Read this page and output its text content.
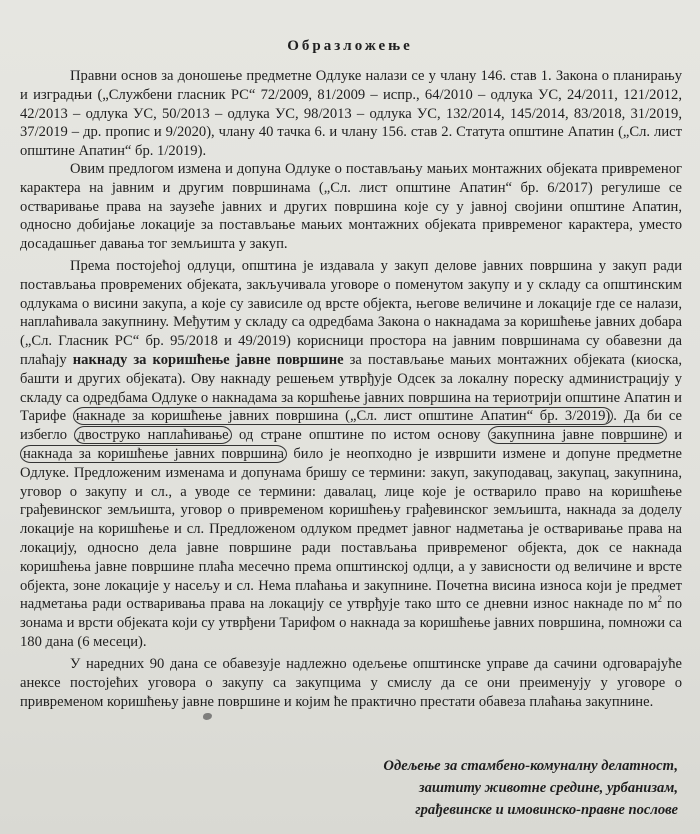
Образложење
Правни основ за доношење предметне Одлуке налази се у члану 146. став 1. Закона о планирању и изградњи („Службени гласник РС“ 72/2009, 81/2009 – испр., 64/2010 – одлука УС, 24/2011, 121/2012, 42/2013 – одлука УС, 50/2013 – одлука УС, 98/2013 – одлука УС, 132/2014, 145/2014, 83/2018, 31/2019, 37/2019 – др. пропис и 9/2020), члану 40 тачка 6. и члану 156. став 2. Статута општине Апатин („Сл. лист општине Апатин“ бр. 1/2019).
Овим предлогом измена и допуна Одлуке о постављању мањих монтажних објеката привременог карактера на јавним и другим површинама („Сл. лист општине Апатин“ бр. 6/2017) регулише се остваривање права на заузеће јавних и других површина које су у јавној својини општине Апатин, односно добијање локације за постављање мањих монтажних објеката привременог карактера, уместо досадашњег давања тог земљишта у закуп.
Према постојећој одлуци, општина је издавала у закуп делове јавних површина у закуп ради постављања провремених објеката, закључивала уговоре о поменутом закупу и у складу са општинским одлукама о висини закупа, а које су зависиле од врсте објекта, његове величине и локације где се налази, наплаћивала закупнину. Међутим у складу са одредбама Закона о накнадама за коришћење јавних добара („Сл. Гласник РС“ бр. 95/2018 и 49/2019) корисници простора на јавним површинама су обавезни да плаћају накнаду за коришћење јавне површине за постављање мањих монтажних објеката (киоска, башти и других објеката). Ову накнаду решењем утврђује Одсек за локалну пореску администрацију у складу са одредбама Одлуке о накнадама за коршћење јавних површина на териотрији општине Апатин и Тарифе накнаде за коришћење јавних површина („Сл. лист општине Апатин“ бр. 3/2019) . Да би се избегло двоструко наплаћивање од стране општине по истом основу закупнина јавне површине и накнада за коришћење јавних површина било је неопходно је извршити измене и допуне предметне Одлуке. Предложеним изменама и допунама бришу се термини: закуп, закуподавац, закупац, закупнина, уговор о закупу и сл., а уводе се термини: давалац, лице које је остварило право на коришћење грађевинског земљишта, уговор о привременом коришћењу грађевинског земљишта, накнада за доделу локације на коришћење и сл. Предложеном одлуком предмет јавног надметања је остваривање права на локацију, односно дела јавне површине ради постављања привременог објекта, док се накнада коришћења јавне површине плаћа месечно према општинској одлци, а у зависности од величине и врсте објекта, зоне локације у насељу и сл. Нема плаћања и закупнине. Почетна висина износа који је предмет надметања ради остваривања права на локацију се утврђује тако што се дневни износ накнаде по $м^2$ по зонама и врсти објеката који су утврђени Тарифом о накнада за коришћење јавних површина, помножи са 180 дана (6 месеци).
У наредних 90 дана се обавезује надлежно одељење општинске управе да сачини одговарајуће анексе постојећих уговора о закупу са закупцима у смислу да се они преименују у уговоре о привременом коришћењу јавне површине и којим ће практично престати обавеза плаћања закупнине.
Одељење за стамбено-комуналну делатност,
заштиту животне средине, урбанизам,
грађевинске и имовинско-правне послове
